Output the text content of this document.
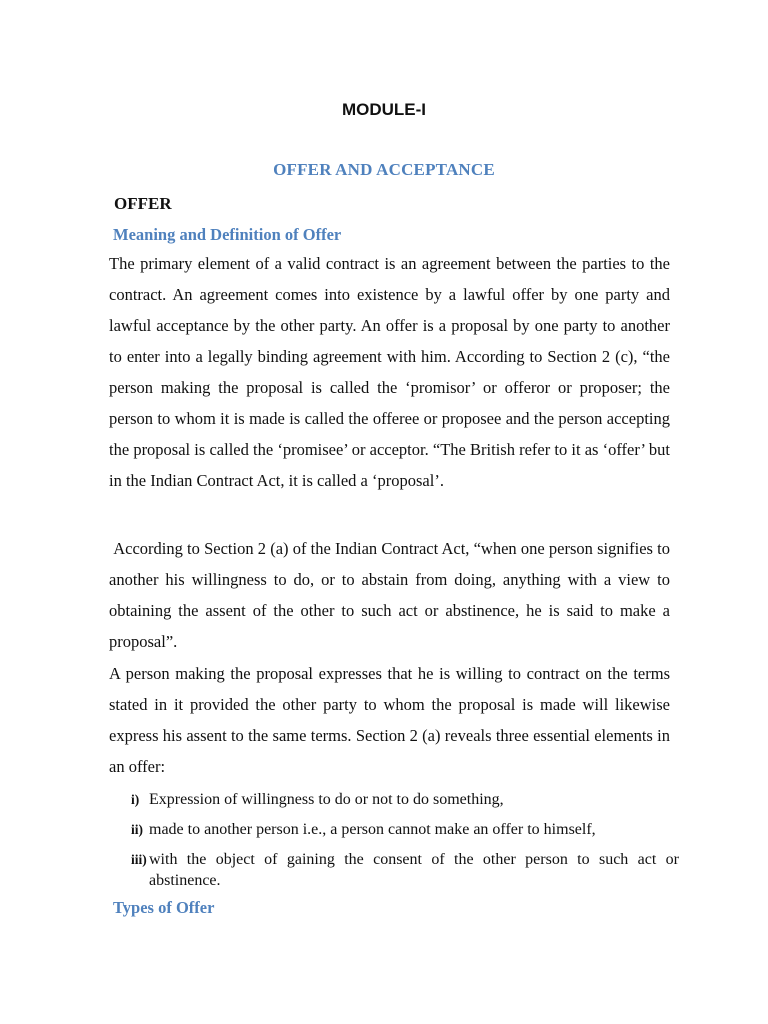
MODULE-I
OFFER AND ACCEPTANCE
OFFER
Meaning and Definition of Offer
The primary element of a valid contract is an agreement between the parties to the contract. An agreement comes into existence by a lawful offer by one party and lawful acceptance by the other party. An offer is a proposal by one party to another to enter into a legally binding agreement with him. According to Section 2 (c), “the person making the proposal is called the ‘promisor’ or offeror or proposer; the person to whom it is made is called the offeree or proposee and the person accepting the proposal is called the ‘promisee’ or acceptor. “The British refer to it as ‘offer’ but in the Indian Contract Act, it is called a ‘proposal’.
According to Section 2 (a) of the Indian Contract Act, “when one person signifies to another his willingness to do, or to abstain from doing, anything with a view to obtaining the assent of the other to such act or abstinence, he is said to make a proposal”.
A person making the proposal expresses that he is willing to contract on the terms stated in it provided the other party to whom the proposal is made will likewise express his assent to the same terms. Section 2 (a) reveals three essential elements in an offer:
i) Expression of willingness to do or not to do something,
ii) made to another person i.e., a person cannot make an offer to himself,
iii) with the object of gaining the consent of the other person to such act or abstinence.
Types of Offer
